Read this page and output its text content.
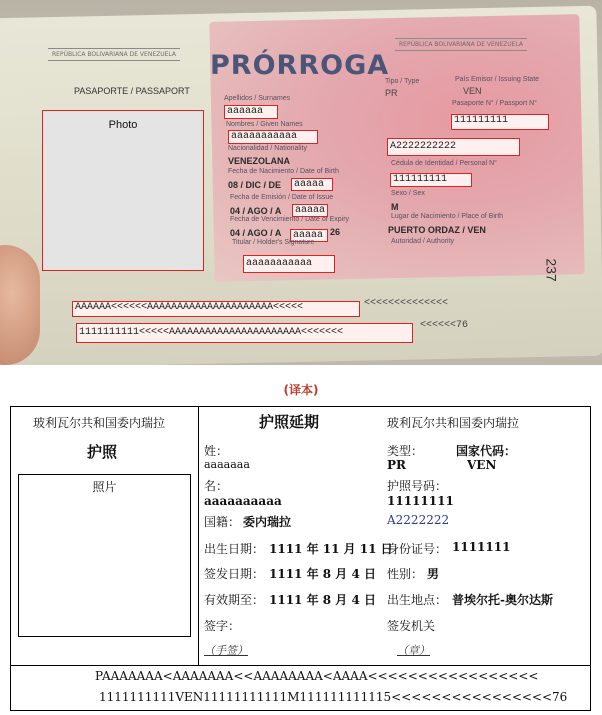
REPÚBLICA BOLIVARIANA DE VENEZUELA
REPÚBLICA BOLIVARIANA DE VENEZUELA
PASAPORTE / PASSAPORT
PRÓRROGA
Photo
Apellidos / Surnames
aaaaaa
Nombres / Given Names
aaaaaaaaaaa
Nacionalidad / Nationality
VENEZOLANA
Fecha de Nacimiento / Date of Birth
08 / DIC / DE	aaaaa
Fecha de Emisión / Date of Issue
04 / AGO / A	aaaaa
Fecha de Vencimiento / Date of Expiry
04 / AGO / A	aaaaa 26
Titular / Holder's Signature
aaaaaaaaaaa
Tipo / Type	País Emisor / Issuing State
PR	VEN
Pasaporte N° / Passport N°
111111111
A2222222222
Cédula de Identidad / Personal N°
111111111
Sexo / Sex
M
Lugar de Nacimiento / Place of Birth
PUERTO ORDAZ / VEN
Autoridad / Authority
237
AAAAAA<<<<<<AAAAAAAAAAAAAAAAAAAAA<<<<<	<<<<<<<<<<<<<<
1111111111<<<<<AAAAAAAAAAAAAAAAAAAAAA<<<<<<<
<<<<<<76
(译本)
玻利瓦尔共和国委内瑞拉
护照
照片
护照延期
姓：
aaaaaaa
名：
aaaaaaaaaa
国籍： 委内瑞拉
出生日期： 1111 年 11 月 11 日
签发日期： 1111 年 8 月 4 日
有效期至： 1111 年 8 月 4 日
签字：
（手签）
玻利瓦尔共和国委内瑞拉
类型：
PR
国家代码：
VEN
护照号码：
11111111
A2222222
身份证号： 1111111
性别： 男
出生地点： 普埃尔托-奥尔达斯
签发机关
（章）
PAAAAAAA<AAAAAAA<<AAAAAAAA<AAAA<<<<<<<<<<<<<<<<<
1111111111VEN11111111111M111111111115<<<<<<<<<<<<<<<<76
